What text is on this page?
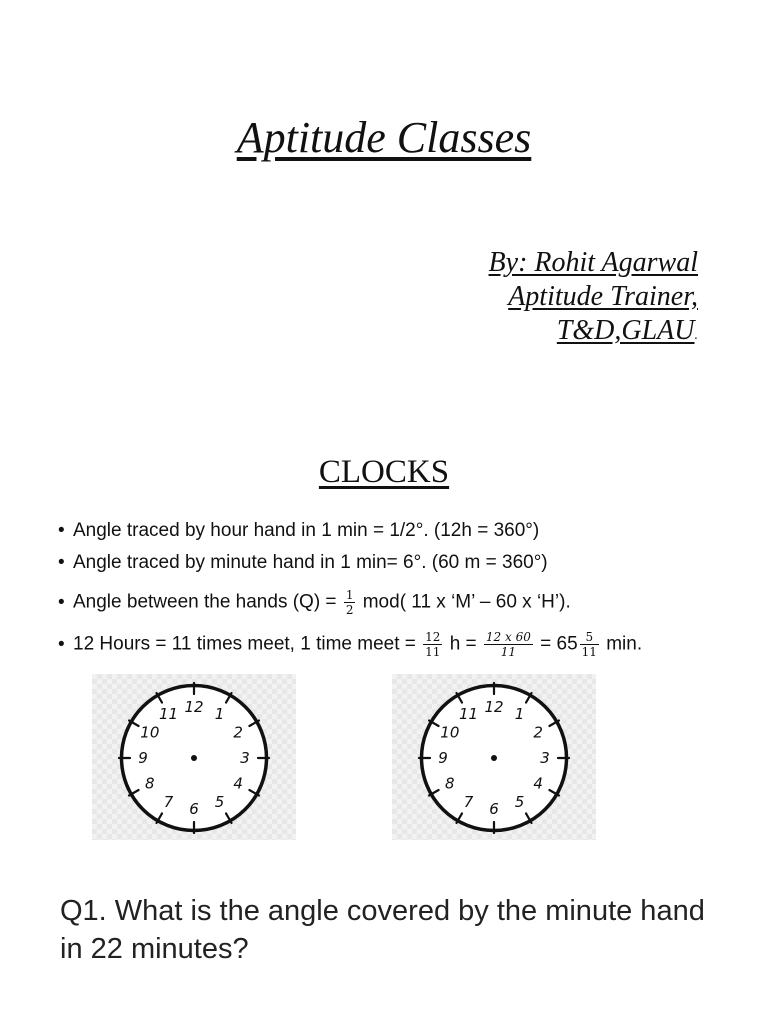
Aptitude Classes
By: Rohit Agarwal
Aptitude Trainer,
T&D,GLAU.
CLOCKS
• Angle traced by hour hand in 1 min = 1/2°. (12h = 360°)
• Angle traced by minute hand in 1 min= 6°. (60 m = 360°)
• Angle between the hands $(Q) = \frac{1}{2} mod$( 11 x ‘M’ – 60 x ‘H’).
• 12 Hours = 11 times meet, 1 time meet = $\frac{12}{11}$ $h = \frac{12 x 60}{11} = 65 \frac{5}{11} \min$.
12 1
2
3
4
5
6
7
8
9
10
11	12 1
2
3
4
5
6
7
8
9
10
11
Q1. What is the angle covered by the minute hand in 22 minutes?
